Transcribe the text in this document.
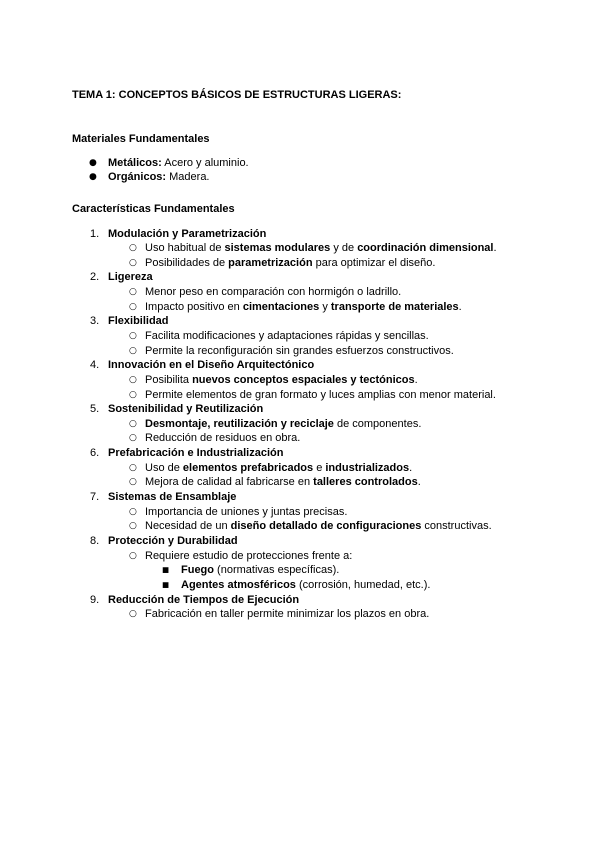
TEMA 1: CONCEPTOS BÁSICOS DE ESTRUCTURAS LIGERAS:
Materiales Fundamentales
● Metálicos: Acero y aluminio.
● Orgánicos: Madera.
Características Fundamentales
1. Modulación y Parametrización
○ Uso habitual de sistemas modulares y de coordinación dimensional.
○ Posibilidades de parametrización para optimizar el diseño.
2. Ligereza
○ Menor peso en comparación con hormigón o ladrillo.
○ Impacto positivo en cimentaciones y transporte de materiales.
3. Flexibilidad
○ Facilita modificaciones y adaptaciones rápidas y sencillas.
○ Permite la reconfiguración sin grandes esfuerzos constructivos.
4. Innovación en el Diseño Arquitectónico
○ Posibilita nuevos conceptos espaciales y tectónicos.
○ Permite elementos de gran formato y luces amplias con menor material.
5. Sostenibilidad y Reutilización
○ Desmontaje, reutilización y reciclaje de componentes.
○ Reducción de residuos en obra.
6. Prefabricación e Industrialización
○ Uso de elementos prefabricados e industrializados.
○ Mejora de calidad al fabricarse en talleres controlados.
7. Sistemas de Ensamblaje
○ Importancia de uniones y juntas precisas.
○ Necesidad de un diseño detallado de configuraciones constructivas.
8. Protección y Durabilidad
○ Requiere estudio de protecciones frente a:
■ Fuego (normativas específicas).
■ Agentes atmosféricos (corrosión, humedad, etc.).
9. Reducción de Tiempos de Ejecución
○ Fabricación en taller permite minimizar los plazos en obra.
